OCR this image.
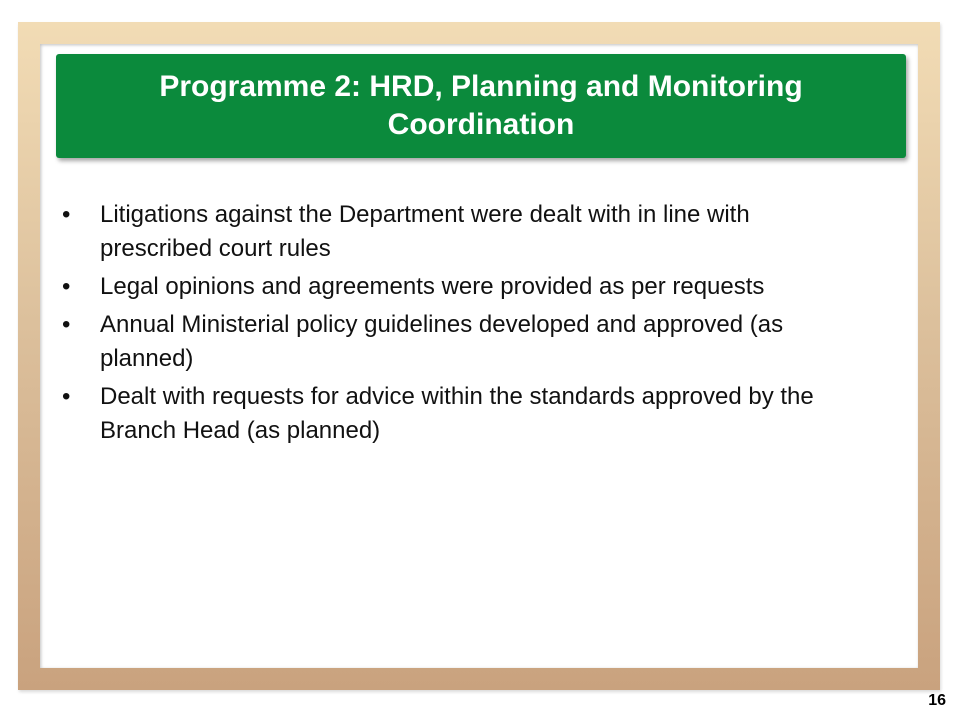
Programme 2: HRD, Planning and Monitoring Coordination
• Litigations against the Department were dealt with in line with prescribed court rules
• Legal opinions and agreements were provided as per requests
• Annual Ministerial policy guidelines developed and approved (as planned)
• Dealt with requests for advice within the standards approved by the Branch Head (as planned)
16
